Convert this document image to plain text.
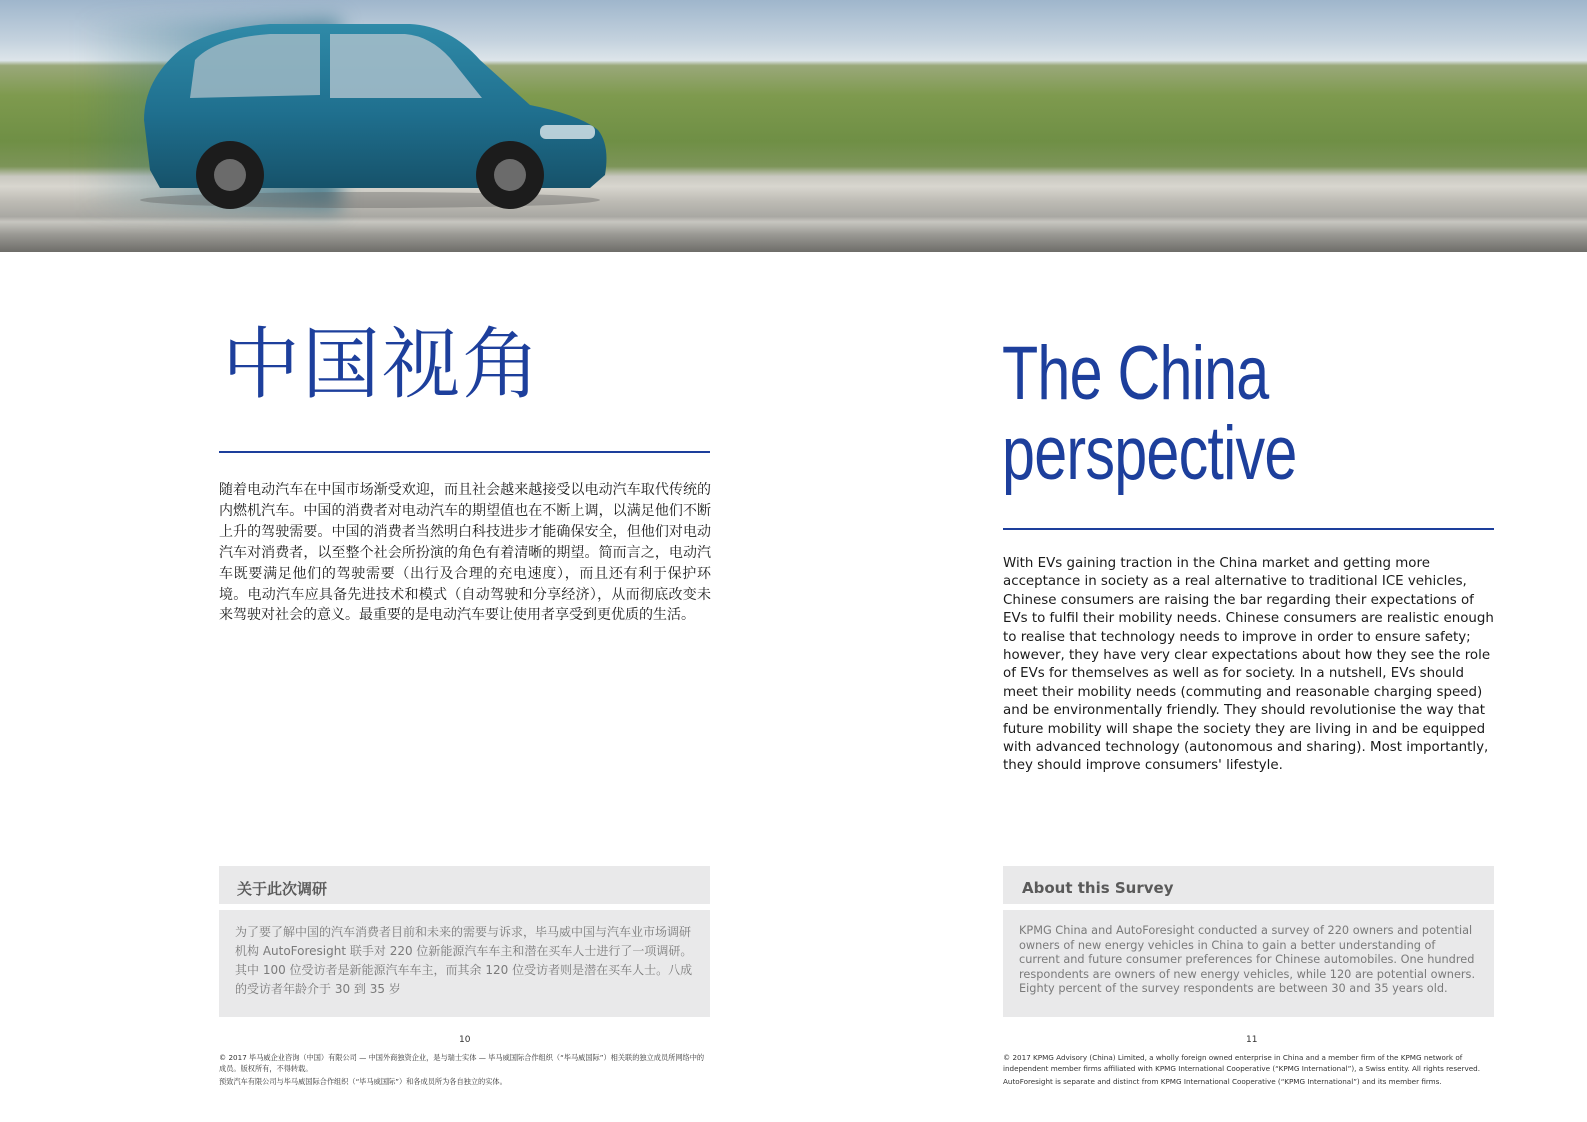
中国视角

随着电动汽车在中国市场渐受欢迎，而且社会越来越接受以电动汽车取代传统的内燃机汽车。中国的消费者对电动汽车的期望值也在不断上调，以满足他们不断上升的驾驶需要。中国的消费者当然明白科技进步才能确保安全，但他们对电动汽车对消费者，以至整个社会所扮演的角色有着清晰的期望。简而言之，电动汽车既要满足他们的驾驶需要（出行及合理的充电速度），而且还有利于保护环境。电动汽车应具备先进技术和模式（自动驾驶和分享经济），从而彻底改变未来驾驶对社会的意义。最重要的是电动汽车要让使用者享受到更优质的生活。

关于此次调研
为了要了解中国的汽车消费者目前和未来的需要与诉求，毕马威中国与汽车业市场调研机构 AutoForesight 联手对 220 位新能源汽车车主和潜在买车人士进行了一项调研。其中 100 位受访者是新能源汽车车主，而其余 120 位受访者则是潜在买车人士。八成的受访者年龄介于 30 到 35 岁
10

© 2017 毕马威企业咨询（中国）有限公司 — 中国外商独资企业，是与瑞士实体 — 毕马威国际合作组织（“毕马威国际”）相关联的独立成员所网络中的成员。版权所有，不得转载。

预致汽车有限公司与毕马威国际合作组织（“毕马威国际”）和各成员所为各自独立的实体。

The China
perspective

With EVs gaining traction in the China market and getting more acceptance in society as a real alternative to traditional ICE vehicles, Chinese consumers are raising the bar regarding their expectations of EVs to fulfil their mobility needs. Chinese consumers are realistic enough to realise that technology needs to improve in order to ensure safety; however, they have very clear expectations about how they see the role of EVs for themselves as well as for society. In a nutshell, EVs should meet their mobility needs (commuting and reasonable charging speed) and be environmentally friendly. They should revolutionise the way that future mobility will shape the society they are living in and be equipped with advanced technology (autonomous and sharing). Most importantly, they should improve consumers' lifestyle.

About this Survey
KPMG China and AutoForesight conducted a survey of 220 owners and potential owners of new energy vehicles in China to gain a better understanding of current and future consumer preferences for Chinese automobiles. One hundred respondents are owners of new energy vehicles, while 120 are potential owners. Eighty percent of the survey respondents are between 30 and 35 years old.
11

© 2017 KPMG Advisory (China) Limited, a wholly foreign owned enterprise in China and a member firm of the KPMG network of independent member firms affiliated with KPMG International Cooperative (“KPMG International”), a Swiss entity. All rights reserved.

AutoForesight is separate and distinct from KPMG International Cooperative (“KPMG International”) and its member firms.
